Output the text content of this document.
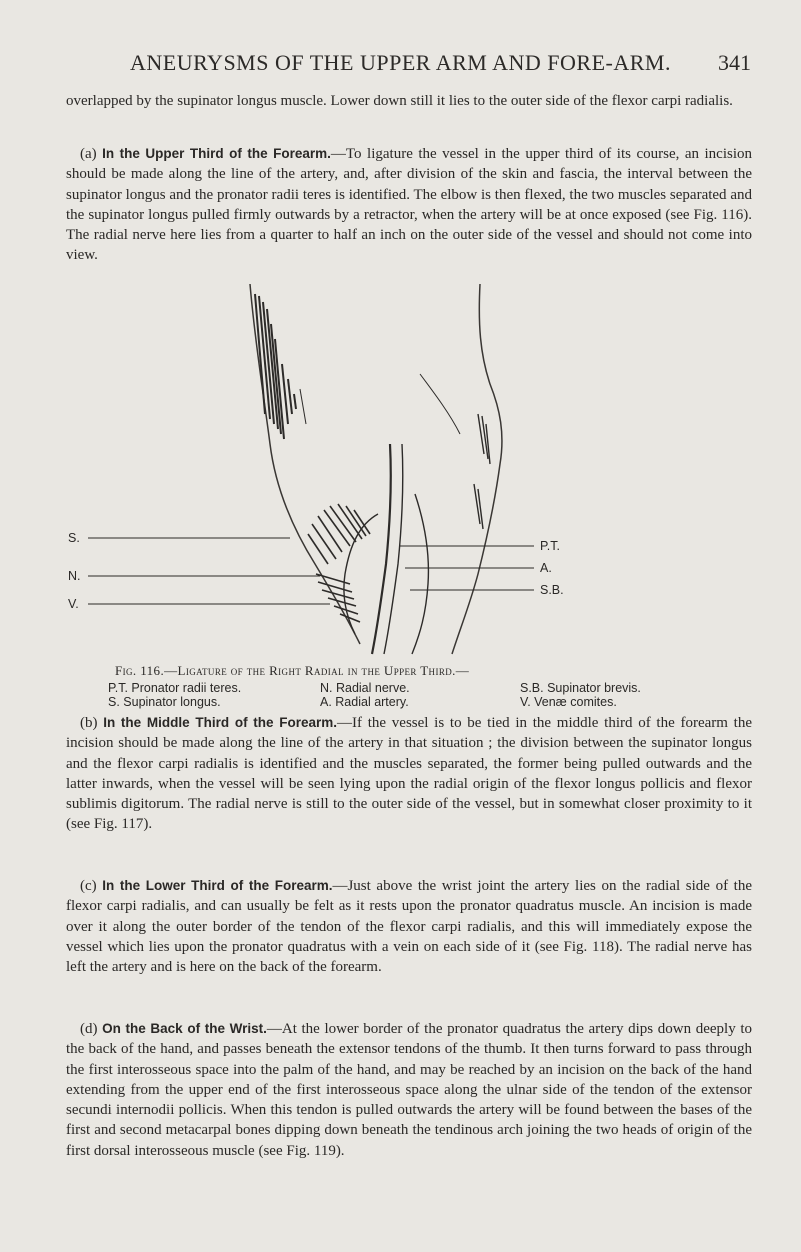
ANEURYSMS OF THE UPPER ARM AND FORE-ARM.	341

overlapped by the supinator longus muscle. Lower down still it lies to the outer side of the flexor carpi radialis.

(a) In the Upper Third of the Forearm.—To ligature the vessel in the upper third of its course, an incision should be made along the line of the artery, and, after division of the skin and fascia, the interval between the supinator longus and the pronator radii teres is identified. The elbow is then flexed, the two muscles separated and the supinator longus pulled firmly outwards by a retractor, when the artery will be at once exposed (see Fig. 116). The radial nerve here lies from a quarter to half an inch on the outer side of the vessel and should not come into view.

S.
N.
V.
P.T.
A.
S.B.
Fig. 116.—Ligature of the Right Radial in the Upper Third.—
P.T. Pronator radii teres.
S. Supinator longus.
N. Radial nerve.
A. Radial artery.
S.B. Supinator brevis.
V. Venæ comites.

(b) In the Middle Third of the Forearm.—If the vessel is to be tied in the middle third of the forearm the incision should be made along the line of the artery in that situation ; the division between the supinator longus and the flexor carpi radialis is identified and the muscles separated, the former being pulled outwards and the latter inwards, when the vessel will be seen lying upon the radial origin of the flexor longus pollicis and flexor sublimis digitorum. The radial nerve is still to the outer side of the vessel, but in somewhat closer proximity to it (see Fig. 117).

(c) In the Lower Third of the Forearm.—Just above the wrist joint the artery lies on the radial side of the flexor carpi radialis, and can usually be felt as it rests upon the pronator quadratus muscle. An incision is made over it along the outer border of the tendon of the flexor carpi radialis, and this will immediately expose the vessel which lies upon the pronator quadratus with a vein on each side of it (see Fig. 118). The radial nerve has left the artery and is here on the back of the forearm.

(d) On the Back of the Wrist.—At the lower border of the pronator quadratus the artery dips down deeply to the back of the hand, and passes beneath the extensor tendons of the thumb. It then turns forward to pass through the first interosseous space into the palm of the hand, and may be reached by an incision on the back of the hand extending from the upper end of the first interosseous space along the ulnar side of the tendon of the extensor secundi internodii pollicis. When this tendon is pulled outwards the artery will be found between the bases of the first and second metacarpal bones dipping down beneath the tendinous arch joining the two heads of origin of the first dorsal interosseous muscle (see Fig. 119).
